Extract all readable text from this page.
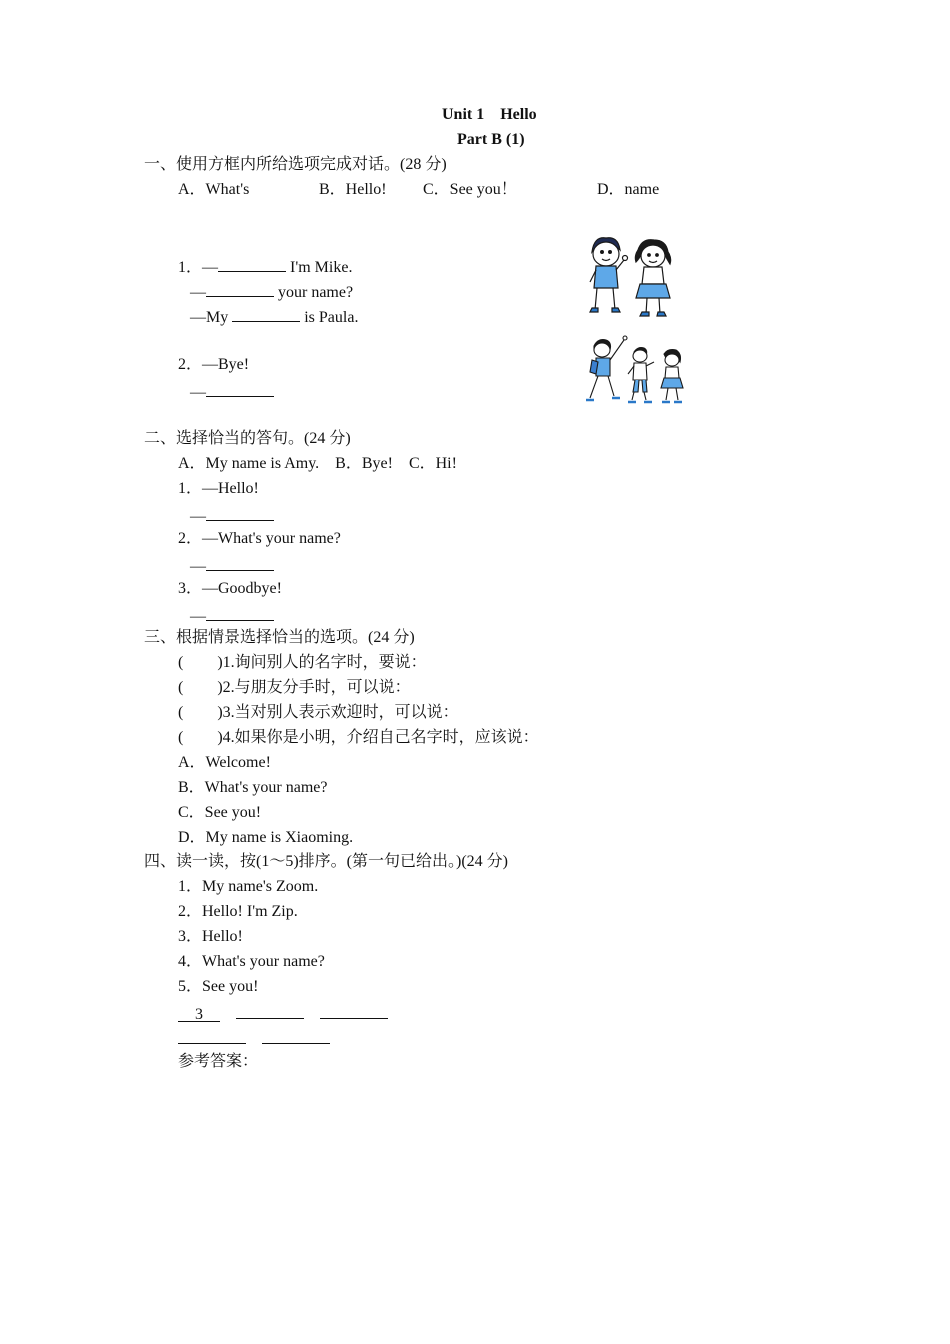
Unit 1    Hello
Part B (1)
一、使用方框内所给选项完成对话。(28 分)
A．What's	B．Hello! C．See you！	D．name
1．—	I'm Mike.
—	your name?
—My	is Paula.
2．—Bye!
—
二、选择恰当的答句。(24 分)
A．My name is Amy.    B．Bye!    C．Hi!
1．—Hello!
—
2．—What's your name?
—
3．—Goodbye!
—
三、根据情景选择恰当的选项。(24 分)
( )1.询问别人的名字时，要说：
( )2.与朋友分手时，可以说：
( )3.当对别人表示欢迎时，可以说：
( )4.如果你是小明，介绍自己名字时，应该说：
A．Welcome!
B．What's your name?
C．See you!
D．My name is Xiaoming.
四、读一读，按(1～5)排序。(第一句已给出。)(24 分)
1．My name's Zoom.
2．Hello! I'm Zip.
3．Hello!
4．What's your name?
5．See you!
3
参考答案：
